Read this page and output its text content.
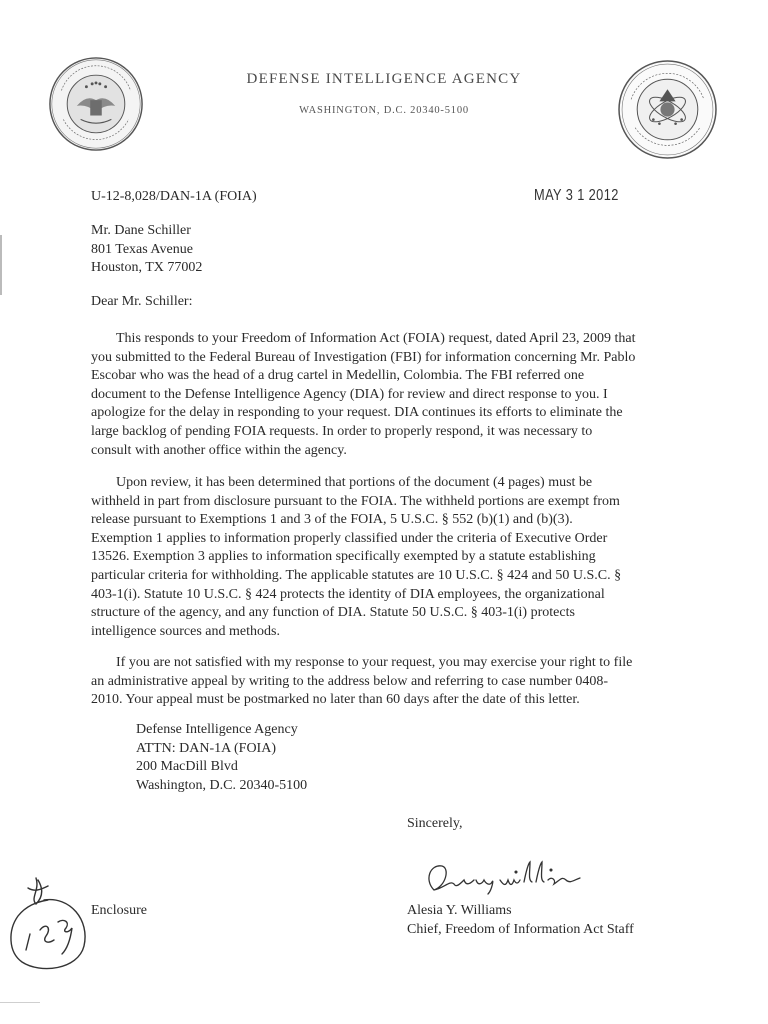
DEFENSE INTELLIGENCE AGENCY
WASHINGTON, D.C. 20340-5100
U-12-8,028/DAN-1A (FOIA)	MAY 3 1 2012
Mr. Dane Schiller
801 Texas Avenue
Houston, TX 77002
Dear Mr. Schiller:
This responds to your Freedom of Information Act (FOIA) request, dated April 23, 2009 that
you submitted to the Federal Bureau of Investigation (FBI) for information concerning Mr. Pablo
Escobar who was the head of a drug cartel in Medellin, Colombia. The FBI referred one
document to the Defense Intelligence Agency (DIA) for review and direct response to you. I
apologize for the delay in responding to your request. DIA continues its efforts to eliminate the
large backlog of pending FOIA requests. In order to properly respond, it was necessary to
consult with another office within the agency.
Upon review, it has been determined that portions of the document (4 pages) must be
withheld in part from disclosure pursuant to the FOIA. The withheld portions are exempt from
release pursuant to Exemptions 1 and 3 of the FOIA, 5 U.S.C. § 552 (b)(1) and (b)(3).
Exemption 1 applies to information properly classified under the criteria of Executive Order
13526. Exemption 3 applies to information specifically exempted by a statute establishing
particular criteria for withholding. The applicable statutes are 10 U.S.C. § 424 and 50 U.S.C. §
403-1(i). Statute 10 U.S.C. § 424 protects the identity of DIA employees, the organizational
structure of the agency, and any function of DIA. Statute 50 U.S.C. § 403-1(i) protects
intelligence sources and methods.
If you are not satisfied with my response to your request, you may exercise your right to file
an administrative appeal by writing to the address below and referring to case number 0408-
2010. Your appeal must be postmarked no later than 60 days after the date of this letter.
Defense Intelligence Agency
ATTN: DAN-1A (FOIA)
200 MacDill Blvd
Washington, D.C. 20340-5100
Sincerely,
Enclosure	Alesia Y. Williams
Chief, Freedom of Information Act Staff
